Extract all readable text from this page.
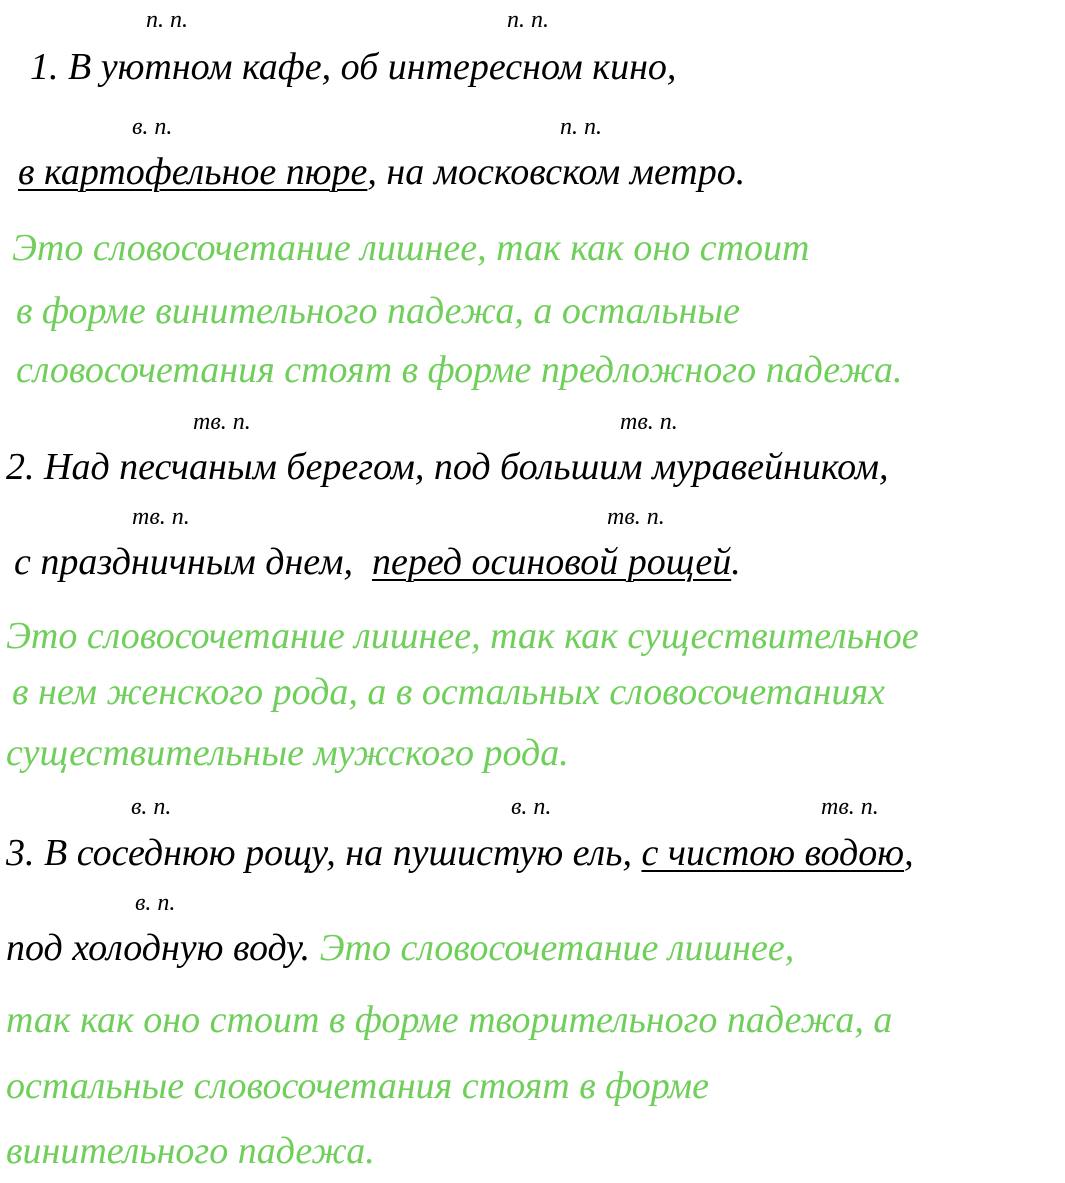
п. п.	п. п.
1. В уютном кафе, об интересном кино,
в. п.	п. п.
в картофельное пюре, на московском метро.
Это словосочетание лишнее, так как оно стоит
в форме винительного падежа, а остальные
словосочетания стоят в форме предложного падежа.
тв. п.	тв. п.
2. Над песчаным берегом, под большим муравейником,
тв. п.	тв. п.
с праздничным днем, перед осиновой рощей.
Это словосочетание лишнее, так как существительное
в нем женского рода, а в остальных словосочетаниях
существительные мужского рода.
в. п.	в. п.	тв. п.
3. В соседнюю рощу, на пушистую ель, с чистою водою,
в. п.
под холодную воду. Это словосочетание лишнее,
так как оно стоит в форме творительного падежа, а
остальные словосочетания стоят в форме
винительного падежа.
